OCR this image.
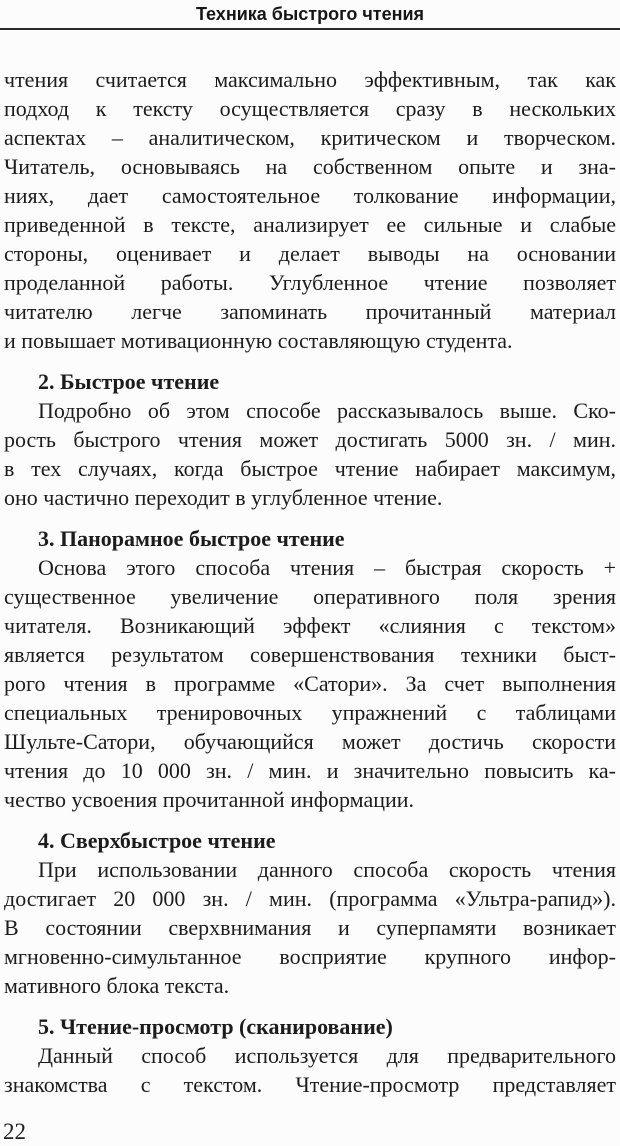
Техника быстрого чтения
чтения считается максимально эффективным, так как
подход к тексту осуществляется сразу в нескольких
аспектах – аналитическом, критическом и творческом.
Читатель, основываясь на собственном опыте и зна-
ниях, дает самостоятельное толкование информации,
приведенной в тексте, анализирует ее сильные и слабые
стороны, оценивает и делает выводы на основании
проделанной работы. Углубленное чтение позволяет
читателю легче запоминать прочитанный материал
и повышает мотивационную составляющую студента.
2. Быстрое чтение
Подробно об этом способе рассказывалось выше. Ско-
рость быстрого чтения может достигать 5000 зн. / мин.
в тех случаях, когда быстрое чтение набирает максимум,
оно частично переходит в углубленное чтение.
3. Панорамное быстрое чтение
Основа этого способа чтения – быстрая скорость +
существенное увеличение оперативного поля зрения
читателя. Возникающий эффект «слияния с текстом»
является результатом совершенствования техники быст-
рого чтения в программе «Сатори». За счет выполнения
специальных тренировочных упражнений с таблицами
Шульте-Сатори, обучающийся может достичь скорости
чтения до 10 000 зн. / мин. и значительно повысить ка-
чество усвоения прочитанной информации.
4. Сверхбыстрое чтение
При использовании данного способа скорость чтения
достигает 20 000 зн. / мин. (программа «Ультра-рапид»).
В состоянии сверхвнимания и суперпамяти возникает
мгновенно-симультанное восприятие крупного инфор-
мативного блока текста.
5. Чтение-просмотр (сканирование)
Данный способ используется для предварительного
знакомства с текстом. Чтение-просмотр представляет
22
